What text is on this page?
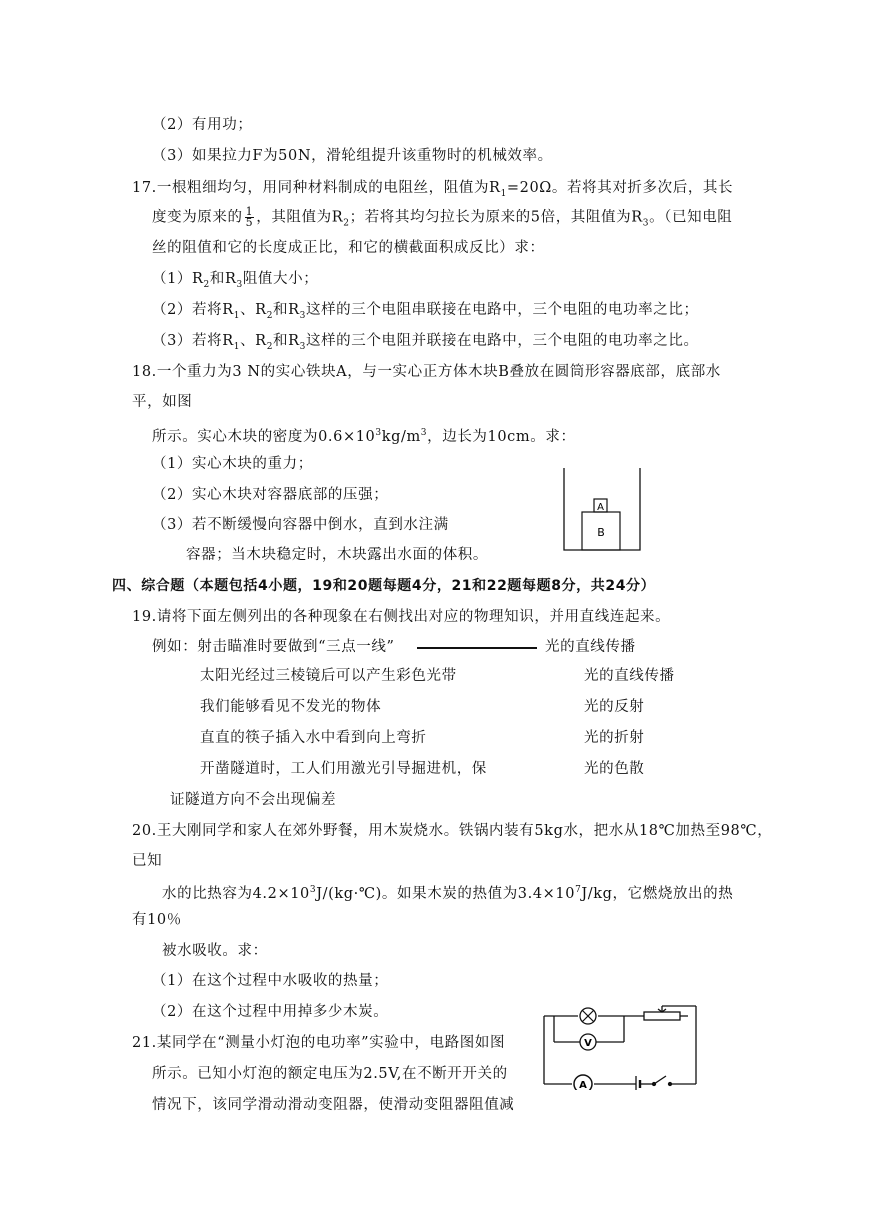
（2）有用功；
（3）如果拉力F为50N，滑轮组提升该重物时的机械效率。
17.一根粗细均匀，用同种材料制成的电阻丝，阻值为$R_1=20\Omega$。若将其对折多次后，其长
度变为原来的 $\frac{1}{5}$ ，其阻值为$R_2$；若将其均匀拉长为原来的5倍，其阻值为$R_3$。（已知电阻
丝的阻值和它的长度成正比，和它的横截面积成反比）求：
$(1)R_2$和$R_3$阻值大小；
（2）若将$R_1$、$R_2$和$R_3$这样的三个电阻串联接在电路中，三个电阻的电功率之比；
（3）若将$R_1$、$R_2$和$R_3$这样的三个电阻并联接在电路中，三个电阻的电功率之比。
18.一个重力为3 N的实心铁块A，与一实心正方体木块B叠放在圆筒形容器底部，底部水
平，如图
所示。实心木块的密度为$0.6\times 10^3kg/m^3$，边长为10cm。求：
（1）实心木块的重力；
（2）实心木块对容器底部的压强；
（3）若不断缓慢向容器中倒水，直到水注满
容器；当木块稳定时，木块露出水面的体积。
A
B
四、综合题（本题包括4小题，19和20题每题4分，21和22题每题8分，共24分）
19.请将下面左侧列出的各种现象在右侧找出对应的物理知识，并用直线连起来。
例如：射击瞄准时要做到“三点一线”	光的直线传播
太阳光经过三棱镜后可以产生彩色光带	光的直线传播
我们能够看见不发光的物体	光的反射
直直的筷子插入水中看到向上弯折	光的折射
开凿隧道时，工人们用激光引导掘进机，保	光的色散
证隧道方向不会出现偏差
20.王大刚同学和家人在郊外野餐，用木炭烧水。铁锅内装有5kg水，把水从18℃加热至98℃，
已知
水的比热容为$4.2\times 10^3J/(kg\cdot℃)$。如果木炭的热值为$3.4\times 10^7J/kg$，它燃烧放出的热
有10％
被水吸收。求：
（1）在这个过程中水吸收的热量；
（2）在这个过程中用掉多少木炭。
21.某同学在“测量小灯泡的电功率”实验中，电路图如图
所示。已知小灯泡的额定电压为2.5V,在不断开开关的
情况下，该同学滑动滑动变阻器，使滑动变阻器阻值减
V
A
